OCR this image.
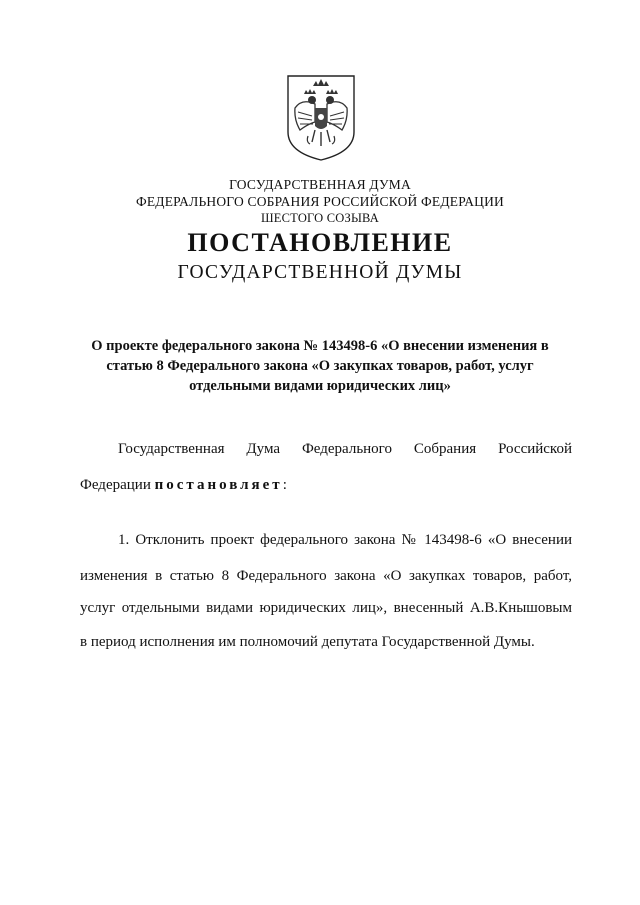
ГОСУДАРСТВЕННАЯ ДУМА
ФЕДЕРАЛЬНОГО СОБРАНИЯ РОССИЙСКОЙ ФЕДЕРАЦИИ
ШЕСТОГО СОЗЫВА
ПОСТАНОВЛЕНИЕ
ГОСУДАРСТВЕННОЙ ДУМЫ
О проекте федерального закона № 143498-6 «О внесении изменения в
статью 8 Федерального закона «О закупках товаров, работ, услуг
отдельными видами юридических лиц»
Государственная Дума Федерального Собрания Российской
Федерации постановляет:
1. Отклонить проект федерального закона № 143498-6 «О внесении
изменения в статью 8 Федерального закона «О закупках товаров, работ,
услуг отдельными видами юридических лиц», внесенный А.В.Кнышовым
в период исполнения им полномочий депутата Государственной Думы.
